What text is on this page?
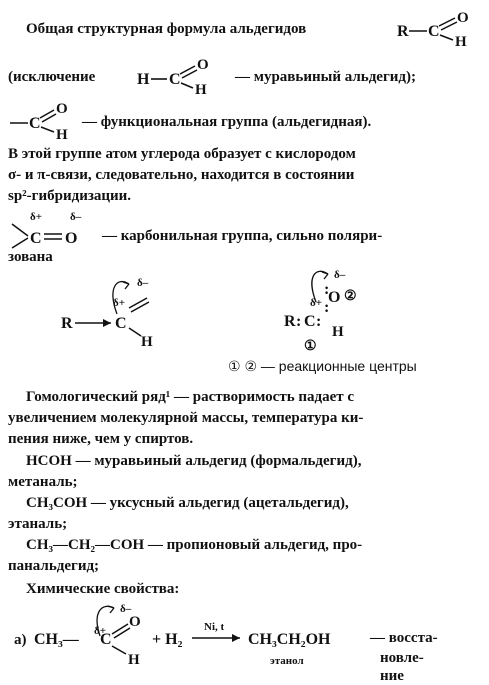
Общая структурная формула альдегидов	R C
O
H
(исключение	H C
O
H
— муравьиный альдегид);
C
O
H
— функциональная группа (альдегидная).
В этой группе атом углерода образует с кислородом
σ- и π-связи, следовательно, находится в состоянии
sp²-гибридизации.
δ+
C
δ–
O — карбонильная группа, сильно поляри-
зована
δ–
δ+
R	C
H
δ–
δ+ O ②
:
:
R : C :
H
①
① ② — реакционные центры
Гомологический ряд¹ — растворимость падает с
увеличением молекулярной массы, температура ки-
пения ниже, чем у спиртов.
HCOH — муравьиный альдегид (формальдегид),
метаналь;
CH₃COH — уксусный альдегид (ацетальдегид),
этаналь;
CH₃—CH₂—COH — пропионовый альдегид, про-
панальдегид;
Химические свойства:
а) CH₃—
δ–
δ+
C
O
H
+ H₂
Ni, t
CH₃CH₂OH
этанол
— восста-
новле-
ние
